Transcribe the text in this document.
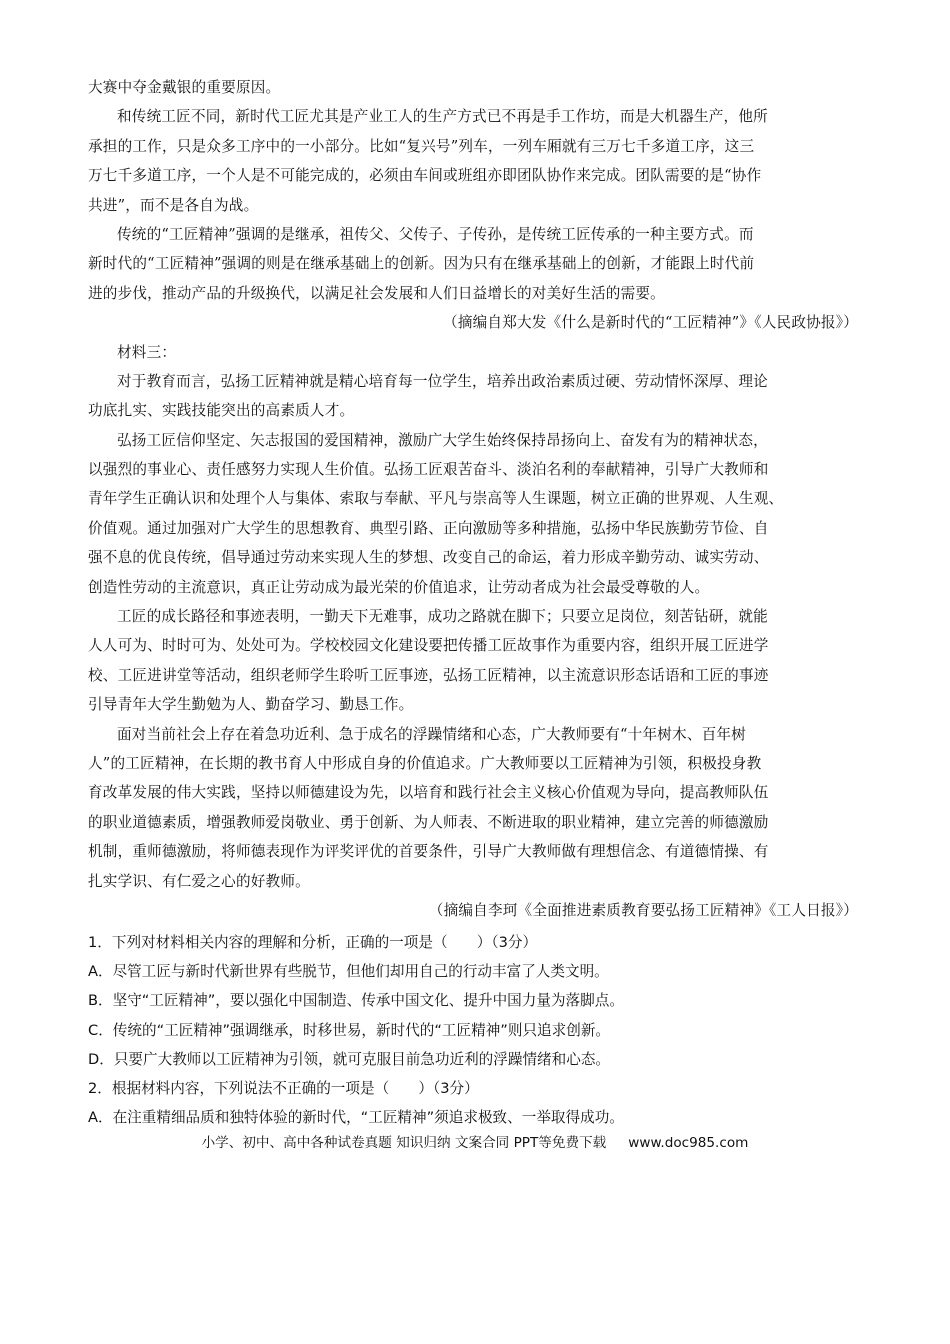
大赛中夺金戴银的重要原因。
和传统工匠不同，新时代工匠尤其是产业工人的生产方式已不再是手工作坊，而是大机器生产，他所
承担的工作，只是众多工序中的一小部分。比如“复兴号”列车，一列车厢就有三万七千多道工序，这三
万七千多道工序，一个人是不可能完成的，必须由车间或班组亦即团队协作来完成。团队需要的是“协作
共进”，而不是各自为战。
传统的“工匠精神”强调的是继承，祖传父、父传子、子传孙，是传统工匠传承的一种主要方式。而
新时代的“工匠精神”强调的则是在继承基础上的创新。因为只有在继承基础上的创新，才能跟上时代前
进的步伐，推动产品的升级换代，以满足社会发展和人们日益增长的对美好生活的需要。
（摘编自郑大发《什么是新时代的“工匠精神”》《人民政协报》）
材料三：
对于教育而言，弘扬工匠精神就是精心培育每一位学生，培养出政治素质过硬、劳动情怀深厚、理论
功底扎实、实践技能突出的高素质人才。
弘扬工匠信仰坚定、矢志报国的爱国精神，激励广大学生始终保持昂扬向上、奋发有为的精神状态，
以强烈的事业心、责任感努力实现人生价值。弘扬工匠艰苦奋斗、淡泊名利的奉献精神，引导广大教师和
青年学生正确认识和处理个人与集体、索取与奉献、平凡与崇高等人生课题，树立正确的世界观、人生观、
价值观。通过加强对广大学生的思想教育、典型引路、正向激励等多种措施，弘扬中华民族勤劳节俭、自
强不息的优良传统，倡导通过劳动来实现人生的梦想、改变自己的命运，着力形成辛勤劳动、诚实劳动、
创造性劳动的主流意识，真正让劳动成为最光荣的价值追求，让劳动者成为社会最受尊敬的人。
工匠的成长路径和事迹表明，一勤天下无难事，成功之路就在脚下；只要立足岗位，刻苦钻研，就能
人人可为、时时可为、处处可为。学校校园文化建设要把传播工匠故事作为重要内容，组织开展工匠进学
校、工匠进讲堂等活动，组织老师学生聆听工匠事迹，弘扬工匠精神，以主流意识形态话语和工匠的事迹
引导青年大学生勤勉为人、勤奋学习、勤恳工作。
面对当前社会上存在着急功近利、急于成名的浮躁情绪和心态，广大教师要有“十年树木、百年树
人”的工匠精神，在长期的教书育人中形成自身的价值追求。广大教师要以工匠精神为引领，积极投身教
育改革发展的伟大实践，坚持以师德建设为先，以培育和践行社会主义核心价值观为导向，提高教师队伍
的职业道德素质，增强教师爱岗敬业、勇于创新、为人师表、不断进取的职业精神，建立完善的师德激励
机制，重师德激励，将师德表现作为评奖评优的首要条件，引导广大教师做有理想信念、有道德情操、有
扎实学识、有仁爱之心的好教师。
（摘编自李珂《全面推进素质教育要弘扬工匠精神》《工人日报》）
1．下列对材料相关内容的理解和分析，正确的一项是（　　）（3分）
A．尽管工匠与新时代新世界有些脱节，但他们却用自己的行动丰富了人类文明。
B．坚守“工匠精神”，要以强化中国制造、传承中国文化、提升中国力量为落脚点。
C．传统的“工匠精神”强调继承，时移世易，新时代的“工匠精神”则只追求创新。
D．只要广大教师以工匠精神为引领，就可克服目前急功近利的浮躁情绪和心态。
2．根据材料内容，下列说法不正确的一项是（　　）（3分）
A．在注重精细品质和独特体验的新时代，“工匠精神”须追求极致、一举取得成功。
小学、初中、高中各种试卷真题 知识归纳 文案合同 PPT等免费下载 www.doc985.com
